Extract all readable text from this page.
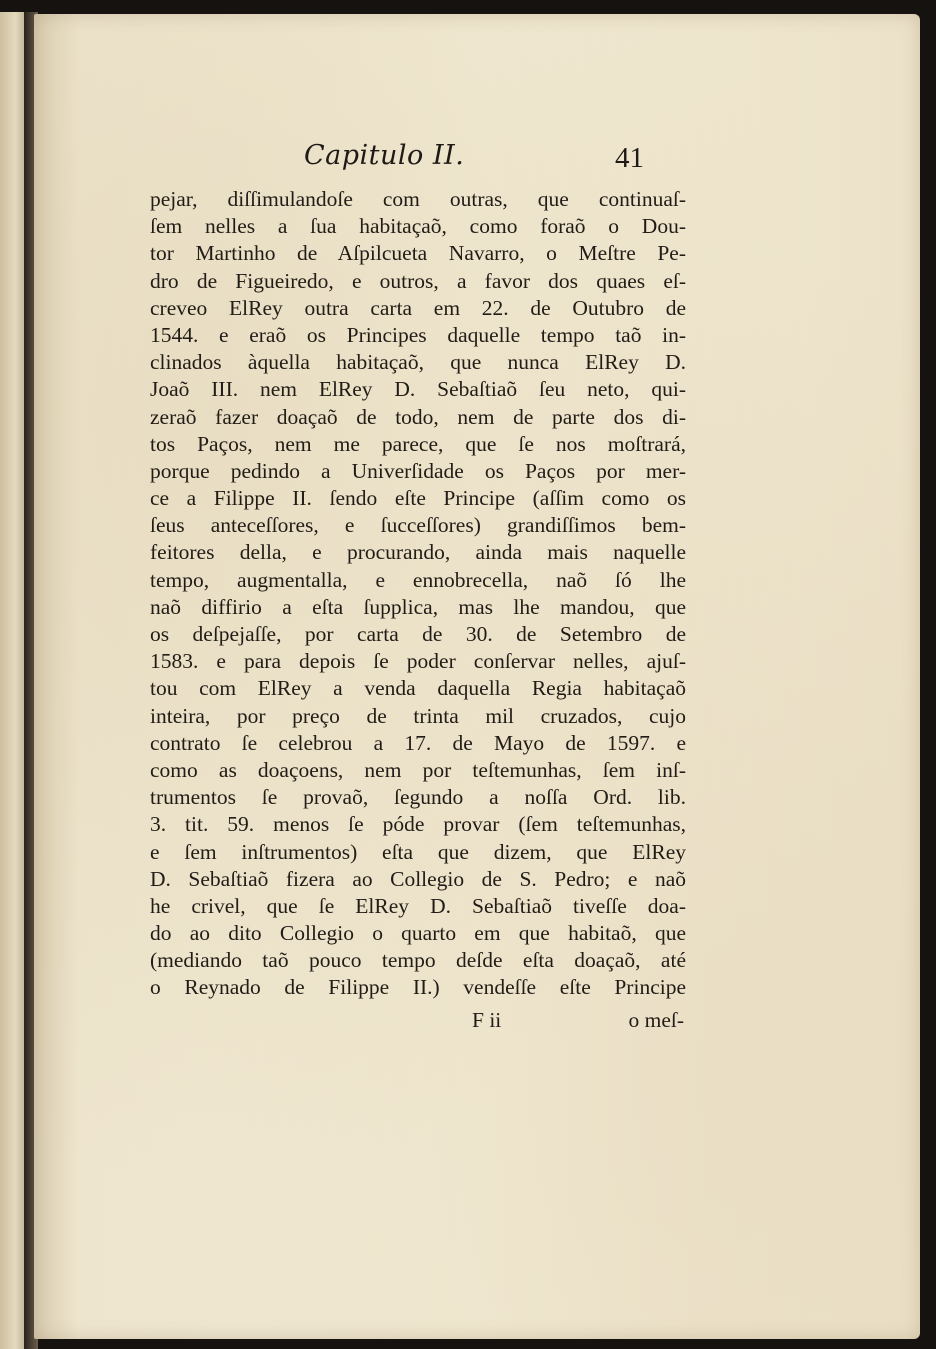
Capitulo II.	41
pejar, diſſimulandoſe com outras, que continuaſ-
ſem nelles a ſua habitaçaõ, como foraõ o Dou-
tor Martinho de Aſpilcueta Navarro, o Meſtre Pe-
dro de Figueiredo, e outros, a favor dos quaes eſ-
creveo ElRey outra carta em 22. de Outubro de
1544. e eraõ os Principes daquelle tempo taõ in-
clinados àquella habitaçaõ, que nunca ElRey D.
Joaõ III. nem ElRey D. Sebaſtiaõ ſeu neto, qui-
zeraõ fazer doaçaõ de todo, nem de parte dos di-
tos Paços, nem me parece, que ſe nos moſtrará,
porque pedindo a Univerſidade os Paços por mer-
ce a Filippe II. ſendo eſte Principe (aſſim como os
ſeus anteceſſores, e ſucceſſores) grandiſſimos bem-
feitores della, e procurando, ainda mais naquelle
tempo, augmentalla, e ennobrecella, naõ ſó lhe
naõ diffirio a eſta ſupplica, mas lhe mandou, que
os deſpejaſſe, por carta de 30. de Setembro de
1583. e para depois ſe poder conſervar nelles, ajuſ-
tou com ElRey a venda daquella Regia habitaçaõ
inteira, por preço de trinta mil cruzados, cujo
contrato ſe celebrou a 17. de Mayo de 1597. e
como as doaçoens, nem por teſtemunhas, ſem inſ-
trumentos ſe provaõ, ſegundo a noſſa Ord. lib.
3. tit. 59. menos ſe póde provar (ſem teſtemunhas,
e ſem inſtrumentos) eſta que dizem, que ElRey
D. Sebaſtiaõ fizera ao Collegio de S. Pedro; e naõ
he crivel, que ſe ElRey D. Sebaſtiaõ tiveſſe doa-
do ao dito Collegio o quarto em que habitaõ, que
(mediando taõ pouco tempo deſde eſta doaçaõ, até
o Reynado de Filippe II.) vendeſſe eſte Principe
F ii	o meſ-
